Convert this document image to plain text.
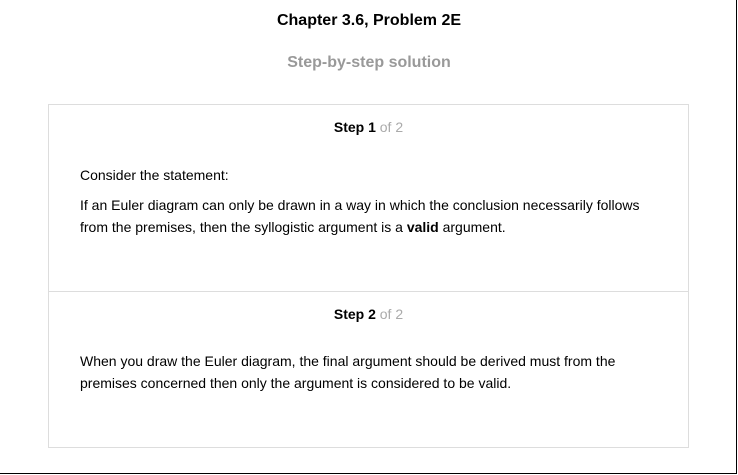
Chapter 3.6, Problem 2E
Step-by-step solution
Step 1 of 2
Consider the statement:
If an Euler diagram can only be drawn in a way in which the conclusion necessarily follows from the premises, then the syllogistic argument is a valid argument.
Step 2 of 2
When you draw the Euler diagram, the final argument should be derived must from the premises concerned then only the argument is considered to be valid.
